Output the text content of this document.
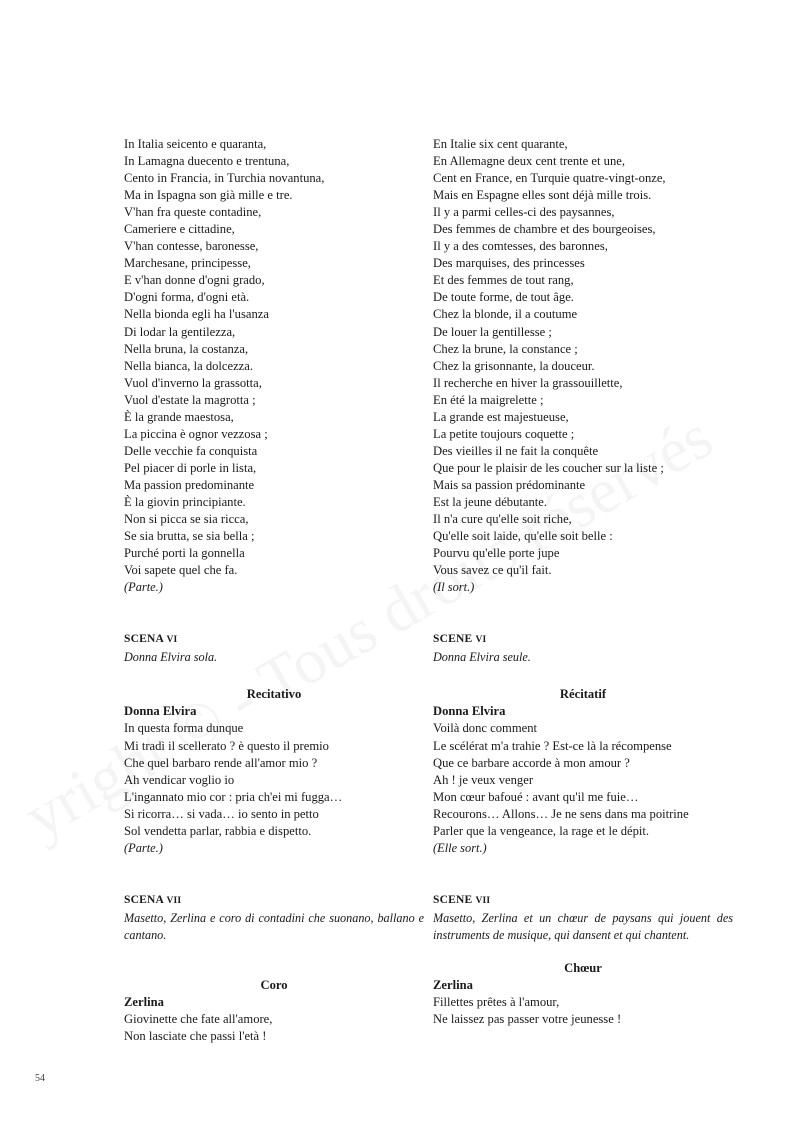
In Italia seicento e quaranta,
In Lamagna duecento e trentuna,
Cento in Francia, in Turchia novantuna,
Ma in Ispagna son già mille e tre.
V'han fra queste contadine,
Cameriere e cittadine,
V'han contesse, baronesse,
Marchesane, principesse,
E v'han donne d'ogni grado,
D'ogni forma, d'ogni età.
Nella bionda egli ha l'usanza
Di lodar la gentilezza,
Nella bruna, la costanza,
Nella bianca, la dolcezza.
Vuol d'inverno la grassotta,
Vuol d'estate la magrotta ;
È la grande maestosa,
La piccina è ognor vezzosa ;
Delle vecchie fa conquista
Pel piacer di porle in lista,
Ma passion predominante
È la giovin principiante.
Non si picca se sia ricca,
Se sia brutta, se sia bella ;
Purché porti la gonnella
Voi sapete quel che fa.
(Parte.)
SCENA VI
Donna Elvira sola.
Recitativo
Donna Elvira
In questa forma dunque
Mi tradì il scellerato ? è questo il premio
Che quel barbaro rende all'amor mio ?
Ah vendicar voglio io
L'ingannato mio cor : pria ch'ei mi fugga…
Si ricorra… si vada… io sento in petto
Sol vendetta parlar, rabbia e dispetto.
(Parte.)
SCENA VII
Masetto, Zerlina e coro di contadini che suonano, ballano e cantano.
Coro
Zerlina
Giovinette che fate all'amore,
Non lasciate che passi l'età !
En Italie six cent quarante,
En Allemagne deux cent trente et une,
Cent en France, en Turquie quatre-vingt-onze,
Mais en Espagne elles sont déjà mille trois.
Il y a parmi celles-ci des paysannes,
Des femmes de chambre et des bourgeoises,
Il y a des comtesses, des baronnes,
Des marquises, des princesses
Et des femmes de tout rang,
De toute forme, de tout âge.
Chez la blonde, il a coutume
De louer la gentillesse ;
Chez la brune, la constance ;
Chez la grisonnante, la douceur.
Il recherche en hiver la grassouillette,
En été la maigrelette ;
La grande est majestueuse,
La petite toujours coquette ;
Des vieilles il ne fait la conquête
Que pour le plaisir de les coucher sur la liste ;
Mais sa passion prédominante
Est la jeune débutante.
Il n'a cure qu'elle soit riche,
Qu'elle soit laide, qu'elle soit belle :
Pourvu qu'elle porte jupe
Vous savez ce qu'il fait.
(Il sort.)
SCENE VI
Donna Elvira seule.
Récitatif
Donna Elvira
Voilà donc comment
Le scélérat m'a trahie ? Est-ce là la récompense
Que ce barbare accorde à mon amour ?
Ah ! je veux venger
Mon cœur bafoué : avant qu'il me fuie…
Recourons… Allons… Je ne sens dans ma poitrine
Parler que la vengeance, la rage et le dépit.
(Elle sort.)
SCENE VII
Masetto, Zerlina et un chœur de paysans qui jouent des instruments de musique, qui dansent et qui chantent.
Chœur
Zerlina
Fillettes prêtes à l'amour,
Ne laissez pas passer votre jeunesse !
54
